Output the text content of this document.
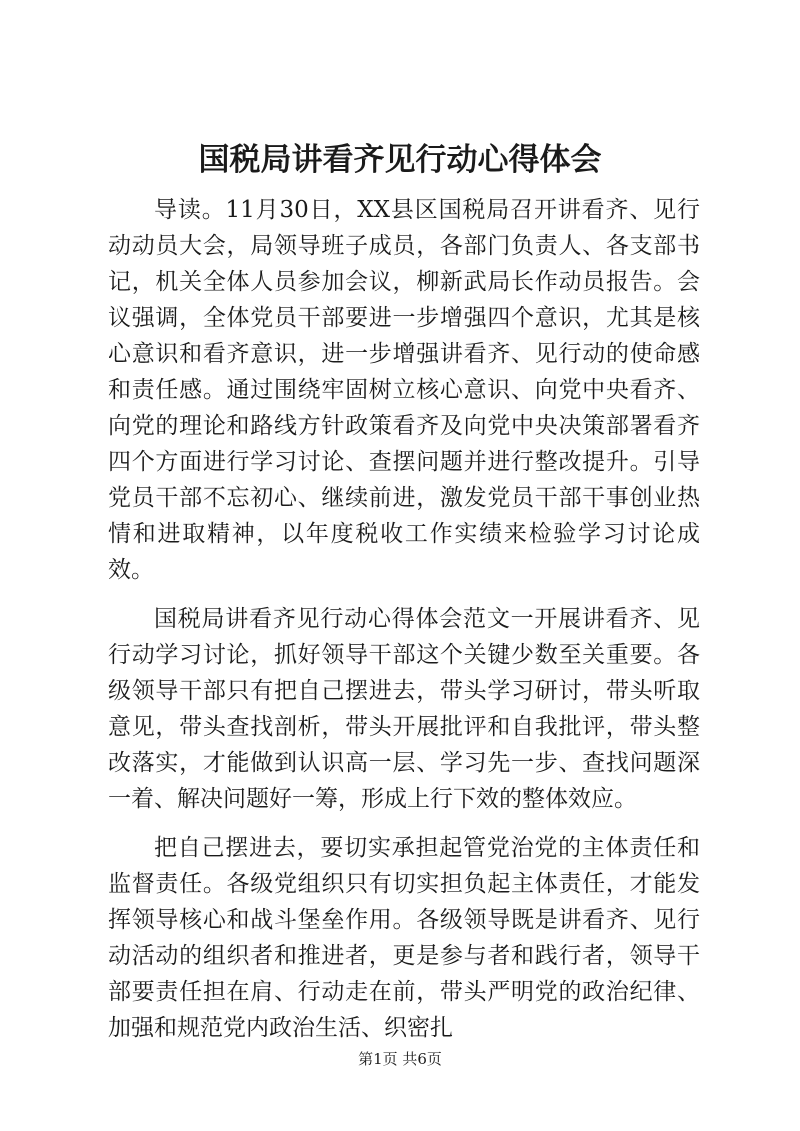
国税局讲看齐见行动心得体会

导读。11月30日，XX县区国税局召开讲看齐、见行动动员大会，局领导班子成员，各部门负责人、各支部书记，机关全体人员参加会议，柳新武局长作动员报告。会议强调，全体党员干部要进一步增强四个意识，尤其是核心意识和看齐意识，进一步增强讲看齐、见行动的使命感和责任感。通过围绕牢固树立核心意识、向党中央看齐、向党的理论和路线方针政策看齐及向党中央决策部署看齐四个方面进行学习讨论、查摆问题并进行整改提升。引导党员干部不忘初心、继续前进，激发党员干部干事创业热情和进取精神，以年度税收工作实绩来检验学习讨论成效。

国税局讲看齐见行动心得体会范文一开展讲看齐、见行动学习讨论，抓好领导干部这个关键少数至关重要。各级领导干部只有把自己摆进去，带头学习研讨，带头听取意见，带头查找剖析，带头开展批评和自我批评，带头整改落实，才能做到认识高一层、学习先一步、查找问题深一着、解决问题好一筹，形成上行下效的整体效应。

把自己摆进去，要切实承担起管党治党的主体责任和监督责任。各级党组织只有切实担负起主体责任，才能发挥领导核心和战斗堡垒作用。各级领导既是讲看齐、见行动活动的组织者和推进者，更是参与者和践行者，领导干部要责任担在肩、行动走在前，带头严明党的政治纪律、加强和规范党内政治生活、织密扎

第1页 共6页
